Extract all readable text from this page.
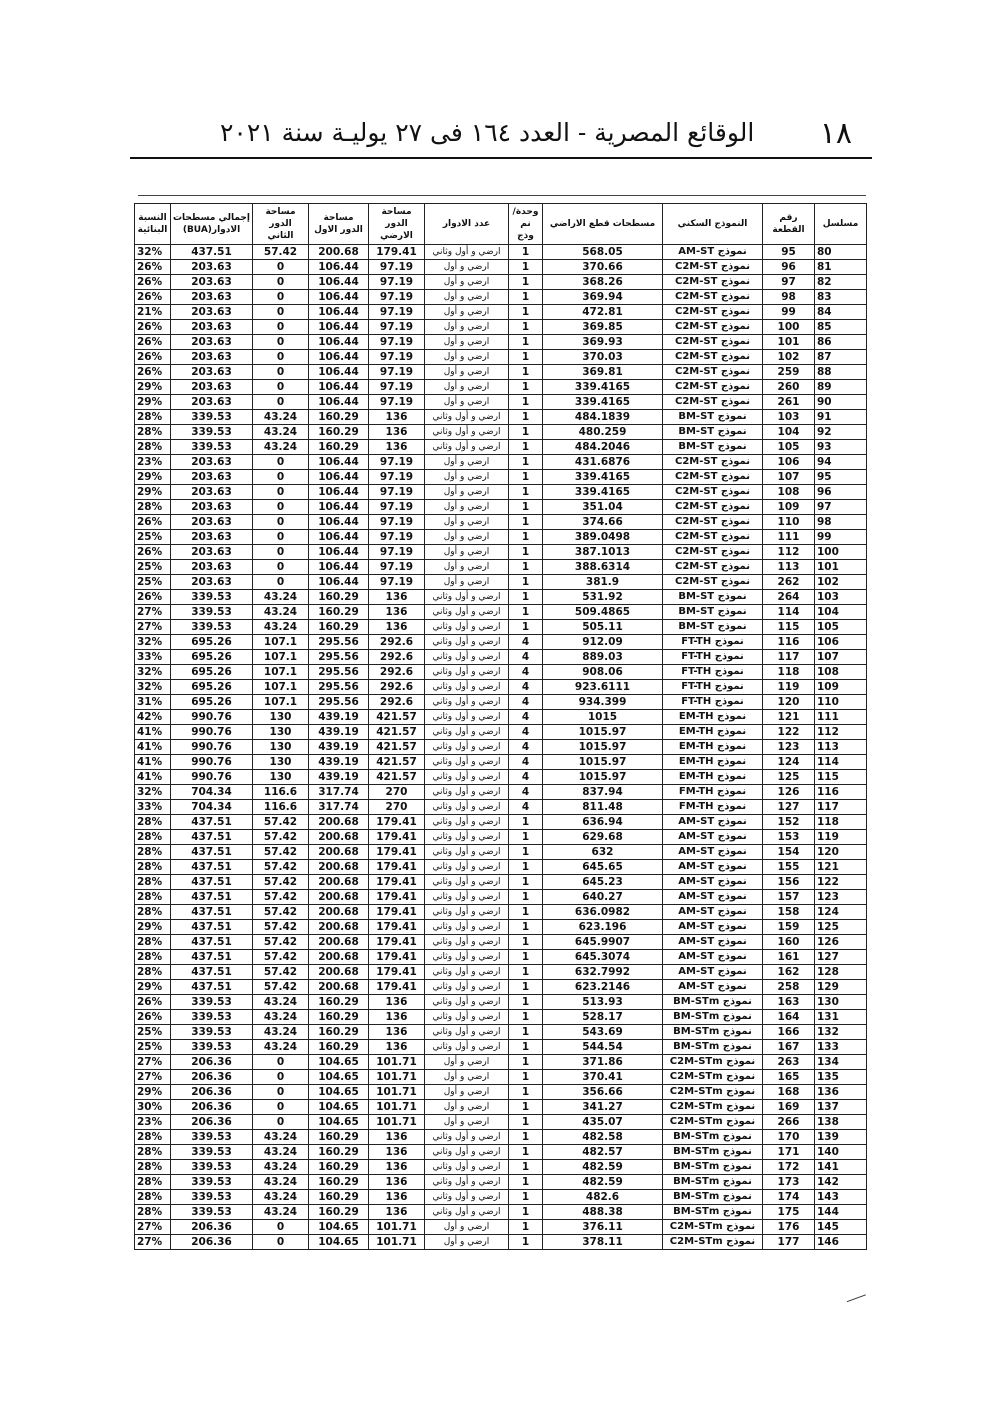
١٨
الوقائع المصرية - العدد ١٦٤ فى ٢٧ يوليـة سنة ٢٠٢١
مسلسل	رقم القطعة	النموذج السكني	مسطحات قطع الاراضي	وحدة/نم وذج	عدد الادوار	مساحة الدور الارضي	مساحة الدور الاول	مساحة الدور الثاني	إجمالي مسطحات الادوار(BUA)	النسبة البنائية
80	95	نموذج AM-ST	568.05	1	ارضي و أول وثاني	179.41	200.68	57.42	437.51	32%
81	96	نموذج C2M-ST	370.66	1	ارضي و أول	97.19	106.44	0	203.63	26%
82	97	نموذج C2M-ST	368.26	1	ارضي و أول	97.19	106.44	0	203.63	26%
83	98	نموذج C2M-ST	369.94	1	ارضي و أول	97.19	106.44	0	203.63	26%
84	99	نموذج C2M-ST	472.81	1	ارضي و أول	97.19	106.44	0	203.63	21%
85	100	نموذج C2M-ST	369.85	1	ارضي و أول	97.19	106.44	0	203.63	26%
86	101	نموذج C2M-ST	369.93	1	ارضي و أول	97.19	106.44	0	203.63	26%
87	102	نموذج C2M-ST	370.03	1	ارضي و أول	97.19	106.44	0	203.63	26%
88	259	نموذج C2M-ST	369.81	1	ارضي و أول	97.19	106.44	0	203.63	26%
89	260	نموذج C2M-ST	339.4165	1	ارضي و أول	97.19	106.44	0	203.63	29%
90	261	نموذج C2M-ST	339.4165	1	ارضي و أول	97.19	106.44	0	203.63	29%
91	103	نموذج BM-ST	484.1839	1	ارضي و أول وثاني	136	160.29	43.24	339.53	28%
92	104	نموذج BM-ST	480.259	1	ارضي و أول وثاني	136	160.29	43.24	339.53	28%
93	105	نموذج BM-ST	484.2046	1	ارضي و أول وثاني	136	160.29	43.24	339.53	28%
94	106	نموذج C2M-ST	431.6876	1	ارضي و أول	97.19	106.44	0	203.63	23%
95	107	نموذج C2M-ST	339.4165	1	ارضي و أول	97.19	106.44	0	203.63	29%
96	108	نموذج C2M-ST	339.4165	1	ارضي و أول	97.19	106.44	0	203.63	29%
97	109	نموذج C2M-ST	351.04	1	ارضي و أول	97.19	106.44	0	203.63	28%
98	110	نموذج C2M-ST	374.66	1	ارضي و أول	97.19	106.44	0	203.63	26%
99	111	نموذج C2M-ST	389.0498	1	ارضي و أول	97.19	106.44	0	203.63	25%
100	112	نموذج C2M-ST	387.1013	1	ارضي و أول	97.19	106.44	0	203.63	26%
101	113	نموذج C2M-ST	388.6314	1	ارضي و أول	97.19	106.44	0	203.63	25%
102	262	نموذج C2M-ST	381.9	1	ارضي و أول	97.19	106.44	0	203.63	25%
103	264	نموذج BM-ST	531.92	1	ارضي و أول وثاني	136	160.29	43.24	339.53	26%
104	114	نموذج BM-ST	509.4865	1	ارضي و أول وثاني	136	160.29	43.24	339.53	27%
105	115	نموذج BM-ST	505.11	1	ارضي و أول وثاني	136	160.29	43.24	339.53	27%
106	116	نموذج FT-TH	912.09	4	ارضي و أول وثاني	292.6	295.56	107.1	695.26	32%
107	117	نموذج FT-TH	889.03	4	ارضي و أول وثاني	292.6	295.56	107.1	695.26	33%
108	118	نموذج FT-TH	908.06	4	ارضي و أول وثاني	292.6	295.56	107.1	695.26	32%
109	119	نموذج FT-TH	923.6111	4	ارضي و أول وثاني	292.6	295.56	107.1	695.26	32%
110	120	نموذج FT-TH	934.399	4	ارضي و أول وثاني	292.6	295.56	107.1	695.26	31%
111	121	نموذج EM-TH	1015	4	ارضي و أول وثاني	421.57	439.19	130	990.76	42%
112	122	نموذج EM-TH	1015.97	4	ارضي و أول وثاني	421.57	439.19	130	990.76	41%
113	123	نموذج EM-TH	1015.97	4	ارضي و أول وثاني	421.57	439.19	130	990.76	41%
114	124	نموذج EM-TH	1015.97	4	ارضي و أول وثاني	421.57	439.19	130	990.76	41%
115	125	نموذج EM-TH	1015.97	4	ارضي و أول وثاني	421.57	439.19	130	990.76	41%
116	126	نموذج FM-TH	837.94	4	ارضي و أول وثاني	270	317.74	116.6	704.34	32%
117	127	نموذج FM-TH	811.48	4	ارضي و أول وثاني	270	317.74	116.6	704.34	33%
118	152	نموذج AM-ST	636.94	1	ارضي و أول وثاني	179.41	200.68	57.42	437.51	28%
119	153	نموذج AM-ST	629.68	1	ارضي و أول وثاني	179.41	200.68	57.42	437.51	28%
120	154	نموذج AM-ST	632	1	ارضي و أول وثاني	179.41	200.68	57.42	437.51	28%
121	155	نموذج AM-ST	645.65	1	ارضي و أول وثاني	179.41	200.68	57.42	437.51	28%
122	156	نموذج AM-ST	645.23	1	ارضي و أول وثاني	179.41	200.68	57.42	437.51	28%
123	157	نموذج AM-ST	640.27	1	ارضي و أول وثاني	179.41	200.68	57.42	437.51	28%
124	158	نموذج AM-ST	636.0982	1	ارضي و أول وثاني	179.41	200.68	57.42	437.51	28%
125	159	نموذج AM-ST	623.196	1	ارضي و أول وثاني	179.41	200.68	57.42	437.51	29%
126	160	نموذج AM-ST	645.9907	1	ارضي و أول وثاني	179.41	200.68	57.42	437.51	28%
127	161	نموذج AM-ST	645.3074	1	ارضي و أول وثاني	179.41	200.68	57.42	437.51	28%
128	162	نموذج AM-ST	632.7992	1	ارضي و أول وثاني	179.41	200.68	57.42	437.51	28%
129	258	نموذج AM-ST	623.2146	1	ارضي و أول وثاني	179.41	200.68	57.42	437.51	29%
130	163	نموذج BM-STm	513.93	1	ارضي و أول وثاني	136	160.29	43.24	339.53	26%
131	164	نموذج BM-STm	528.17	1	ارضي و أول وثاني	136	160.29	43.24	339.53	26%
132	166	نموذج BM-STm	543.69	1	ارضي و أول وثاني	136	160.29	43.24	339.53	25%
133	167	نموذج BM-STm	544.54	1	ارضي و أول وثاني	136	160.29	43.24	339.53	25%
134	263	نموذج C2M-STm	371.86	1	ارضي و أول	101.71	104.65	0	206.36	27%
135	165	نموذج C2M-STm	370.41	1	ارضي و أول	101.71	104.65	0	206.36	27%
136	168	نموذج C2M-STm	356.66	1	ارضي و أول	101.71	104.65	0	206.36	29%
137	169	نموذج C2M-STm	341.27	1	ارضي و أول	101.71	104.65	0	206.36	30%
138	266	نموذج C2M-STm	435.07	1	ارضي و أول	101.71	104.65	0	206.36	23%
139	170	نموذج BM-STm	482.58	1	ارضي و أول وثاني	136	160.29	43.24	339.53	28%
140	171	نموذج BM-STm	482.57	1	ارضي و أول وثاني	136	160.29	43.24	339.53	28%
141	172	نموذج BM-STm	482.59	1	ارضي و أول وثاني	136	160.29	43.24	339.53	28%
142	173	نموذج BM-STm	482.59	1	ارضي و أول وثاني	136	160.29	43.24	339.53	28%
143	174	نموذج BM-STm	482.6	1	ارضي و أول وثاني	136	160.29	43.24	339.53	28%
144	175	نموذج BM-STm	488.38	1	ارضي و أول وثاني	136	160.29	43.24	339.53	28%
145	176	نموذج C2M-STm	376.11	1	ارضي و أول	101.71	104.65	0	206.36	27%
146	177	نموذج C2M-STm	378.11	1	ارضي و أول	101.71	104.65	0	206.36	27%
